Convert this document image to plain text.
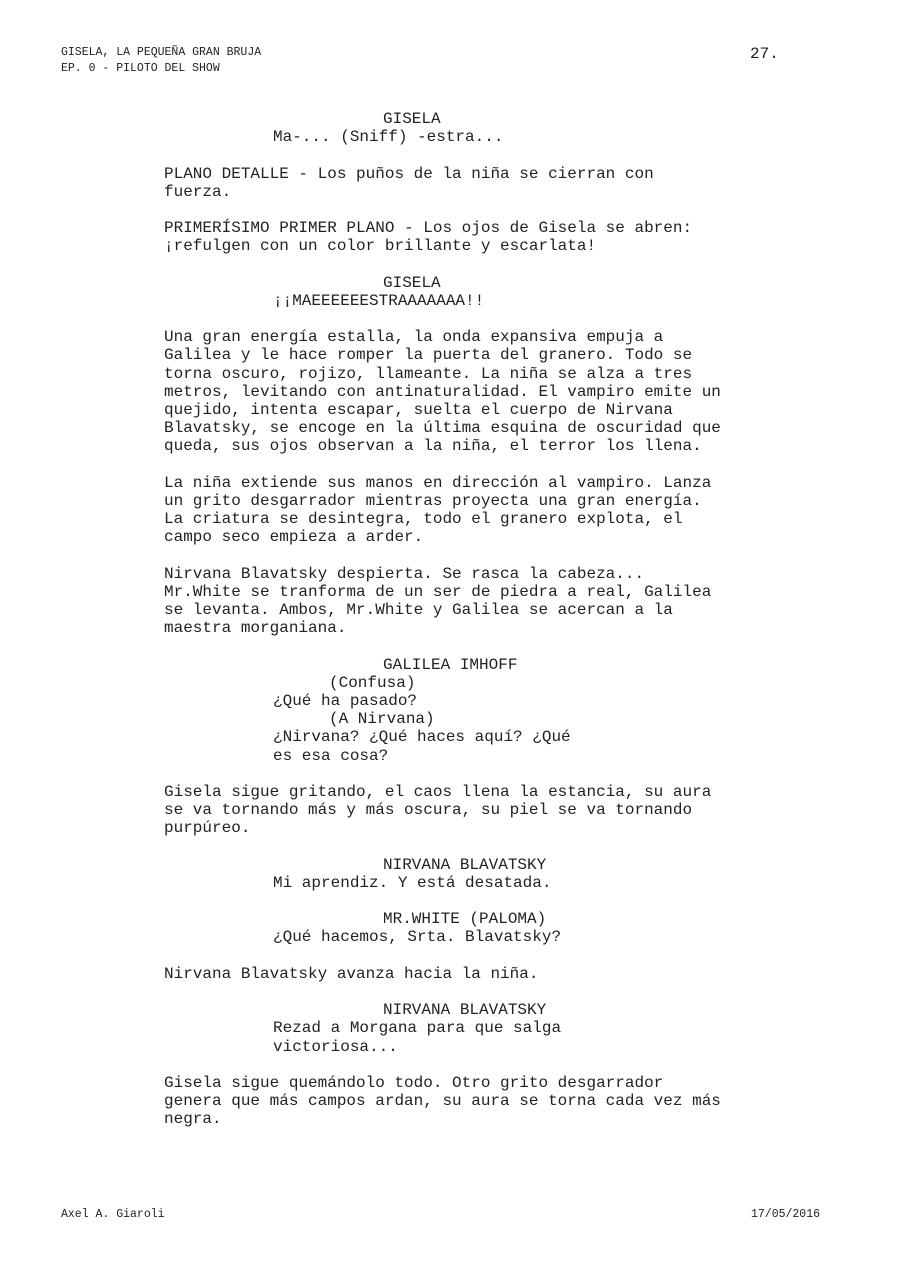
GISELA, LA PEQUEÑA GRAN BRUJA
EP. 0 - PILOTO DEL SHOW
27.
GISELA
Ma-... (Sniff) -estra...
PLANO DETALLE - Los puños de la niña se cierran con
fuerza.
PRIMERÍSIMO PRIMER PLANO - Los ojos de Gisela se abren:
¡refulgen con un color brillante y escarlata!
GISELA
¡¡MAEEEEEESTRAAAAAAA!!
Una gran energía estalla, la onda expansiva empuja a
Galilea y le hace romper la puerta del granero. Todo se
torna oscuro, rojizo, llameante. La niña se alza a tres
metros, levitando con antinaturalidad. El vampiro emite un
quejido, intenta escapar, suelta el cuerpo de Nirvana
Blavatsky, se encoge en la última esquina de oscuridad que
queda, sus ojos observan a la niña, el terror los llena.
La niña extiende sus manos en dirección al vampiro. Lanza
un grito desgarrador mientras proyecta una gran energía.
La criatura se desintegra, todo el granero explota, el
campo seco empieza a arder.
Nirvana Blavatsky despierta. Se rasca la cabeza...
Mr.White se tranforma de un ser de piedra a real, Galilea
se levanta. Ambos, Mr.White y Galilea se acercan a la
maestra morganiana.
GALILEA IMHOFF
(Confusa)
¿Qué ha pasado?
(A Nirvana)
¿Nirvana? ¿Qué haces aquí? ¿Qué
es esa cosa?
Gisela sigue gritando, el caos llena la estancia, su aura
se va tornando más y más oscura, su piel se va tornando
purpúreo.
NIRVANA BLAVATSKY
Mi aprendiz. Y está desatada.
MR.WHITE (PALOMA)
¿Qué hacemos, Srta. Blavatsky?
Nirvana Blavatsky avanza hacia la niña.
NIRVANA BLAVATSKY
Rezad a Morgana para que salga
victoriosa...
Gisela sigue quemándolo todo. Otro grito desgarrador
genera que más campos ardan, su aura se torna cada vez más
negra.
Axel A. Giaroli	17/05/2016
